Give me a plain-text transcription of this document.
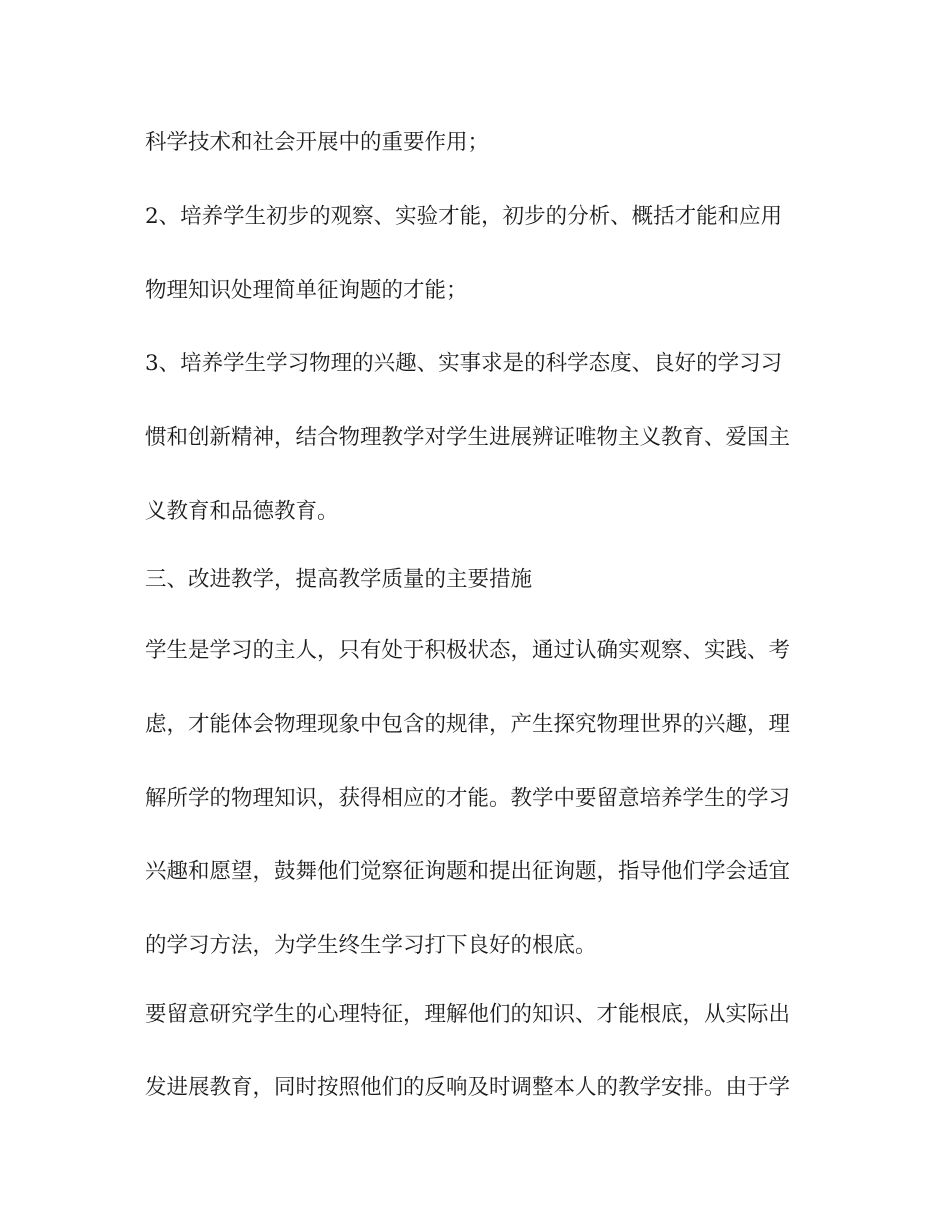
科学技术和社会开展中的重要作用；
2、培养学生初步的观察、实验才能，初步的分析、概括才能和应用
物理知识处理简单征询题的才能；
3、培养学生学习物理的兴趣、实事求是的科学态度、良好的学习习
惯和创新精神，结合物理教学对学生进展辨证唯物主义教育、爱国主
义教育和品德教育。
三、改进教学，提高教学质量的主要措施
学生是学习的主人，只有处于积极状态，通过认确实观察、实践、考
虑，才能体会物理现象中包含的规律，产生探究物理世界的兴趣，理
解所学的物理知识，获得相应的才能。教学中要留意培养学生的学习
兴趣和愿望，鼓舞他们觉察征询题和提出征询题，指导他们学会适宜
的学习方法，为学生终生学习打下良好的根底。
要留意研究学生的心理特征，理解他们的知识、才能根底，从实际出
发进展教育，同时按照他们的反响及时调整本人的教学安排。由于学
